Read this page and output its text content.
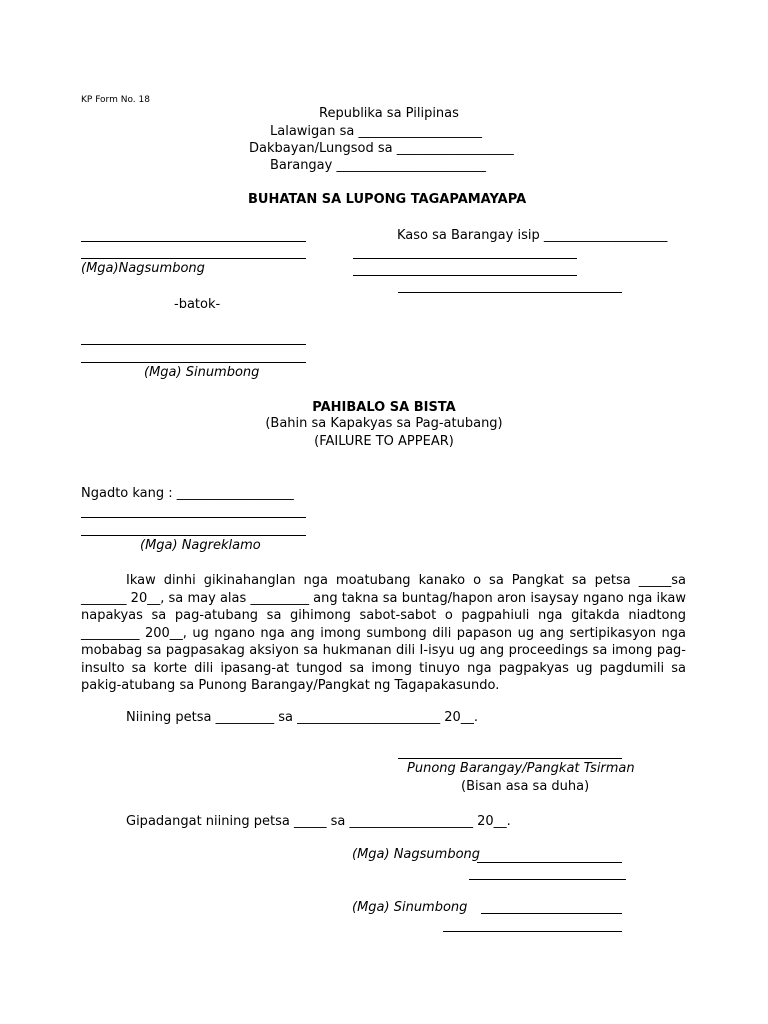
KP Form No. 18
Republika sa Pilipinas
Lalawigan sa ___________________
Dakbayan/Lungsod sa __________________
Barangay _______________________
BUHATAN SA LUPONG TAGAPAMAYAPA
(Mga)Nagsumbong
Kaso sa Barangay isip ___________________
-batok-
(Mga) Sinumbong
PAHIBALO SA BISTA
(Bahin sa Kapakyas sa Pag-atubang)
(FAILURE TO APPEAR)
Ngadto kang : __________________
(Mga) Nagreklamo
Ikaw dinhi gikinahanglan nga moatubang kanako o sa Pangkat sa petsa _____sa _______ 20__, sa may alas _________ ang takna sa buntag/hapon aron isaysay ngano nga ikaw napakyas sa pag-atubang sa gihimong sabot-sabot o pagpahiuli nga gitakda niadtong _________ 200__, ug ngano nga ang imong sumbong dili papason ug ang sertipikasyon nga mobabag sa pagpasakag aksiyon sa hukmanan dili I-isyu ug ang proceedings sa imong pag-insulto sa korte dili ipasang-at tungod sa imong tinuyo nga pagpakyas ug pagdumili sa pakig-atubang sa Punong Barangay/Pangkat ng Tagapakasundo.
Niining petsa _________ sa ______________________ 20__.
Punong Barangay/Pangkat Tsirman
(Bisan asa sa duha)
Gipadangat niining petsa _____ sa ___________________ 20__.
(Mga) Nagsumbong
(Mga) Sinumbong
